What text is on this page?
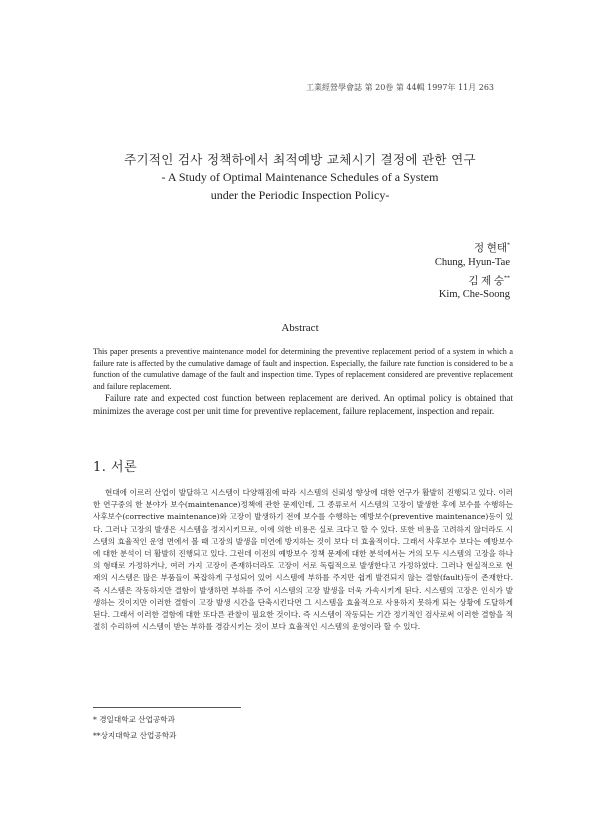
工業經營學會誌 第 20卷 第 44輯 1997年 11月 263
주기적인 검사 정책하에서 최적예방 교체시기 결정에 관한 연구
- A Study of Optimal Maintenance Schedules of a System
under the Periodic Inspection Policy-
정 현태*
Chung, Hyun-Tae
김 제 숭**
Kim, Che-Soong
Abstract

This paper presents a preventive maintenance model for determining the preventive replacement period of a system in which a failure rate is affected by the cumulative damage of fault and inspection. Especially, the failure rate function is considered to be a function of the cumulative damage of the fault and inspection time. Types of replacement considered are preventive replacement and failure replacement.

Failure rate and expected cost function between replacement are derived. An optimal policy is obtained that minimizes the average cost per unit time for preventive replacement, failure replacement, inspection and repair.

1. 서론

현대에 이르러 산업이 발달하고 시스템이 다양해짐에 따라 시스템의 신뢰성 향상에 대한 연구가 활발히 진행되고 있다. 이러한 연구중의 한 분야가 보수(maintenance)정책에 관한 문제인데, 그 종류로서 시스템의 고장이 발생한 후에 보수를 수행하는 사후보수(corrective maintenance)와 고장이 발생하기 전에 보수를 수행하는 예방보수(preventive maintenance)등이 있다. 그러나 고장의 발생은 시스템을 정지시키므로, 이에 의한 비용은 실로 크다고 할 수 있다. 또한 비용을 고려하지 않더라도 시스템의 효율적인 운영 면에서 볼 때 고장의 발생을 미연에 방지하는 것이 보다 더 효율적이다. 그래서 사후보수 보다는 예방보수에 대한 분석이 더 활발히 진행되고 있다. 그런데 이전의 예방보수 정책 문제에 대한 분석에서는 거의 모두 시스템의 고장을 하나의 형태로 가정하거나, 여러 가지 고장이 존재하더라도 고장이 서로 독립적으로 발생한다고 가정하였다. 그러나 현실적으로 현재의 시스템은 많은 부품들이 복잡하게 구성되어 있어 시스템에 부하를 주지만 쉽게 발견되지 않는 결함(fault)등이 존재한다. 즉 시스템은 작동하지만 결함이 발생하면 부하를 주어 시스템의 고장 발생을 더욱 가속시키게 된다. 시스템의 고장은 인식가 발생하는 것이지만 이러한 결함이 고장 발생 시간을 단축시킨다면 그 시스템을 효율적으로 사용하지 못하게 되는 상황에 도달하게 된다. 그래서 이러한 결함에 대한 또다른 관찰이 필요한 것이다. 즉 시스템이 작동되는 기간 정기적인 검사로써 이러한 결함을 적절히 수리하여 시스템이 받는 부하를 경감시키는 것이 보다 효율적인 시스템의 운영이라 할 수 있다.

* 경일대학교 산업공학과
**상지대학교 산업공학과
